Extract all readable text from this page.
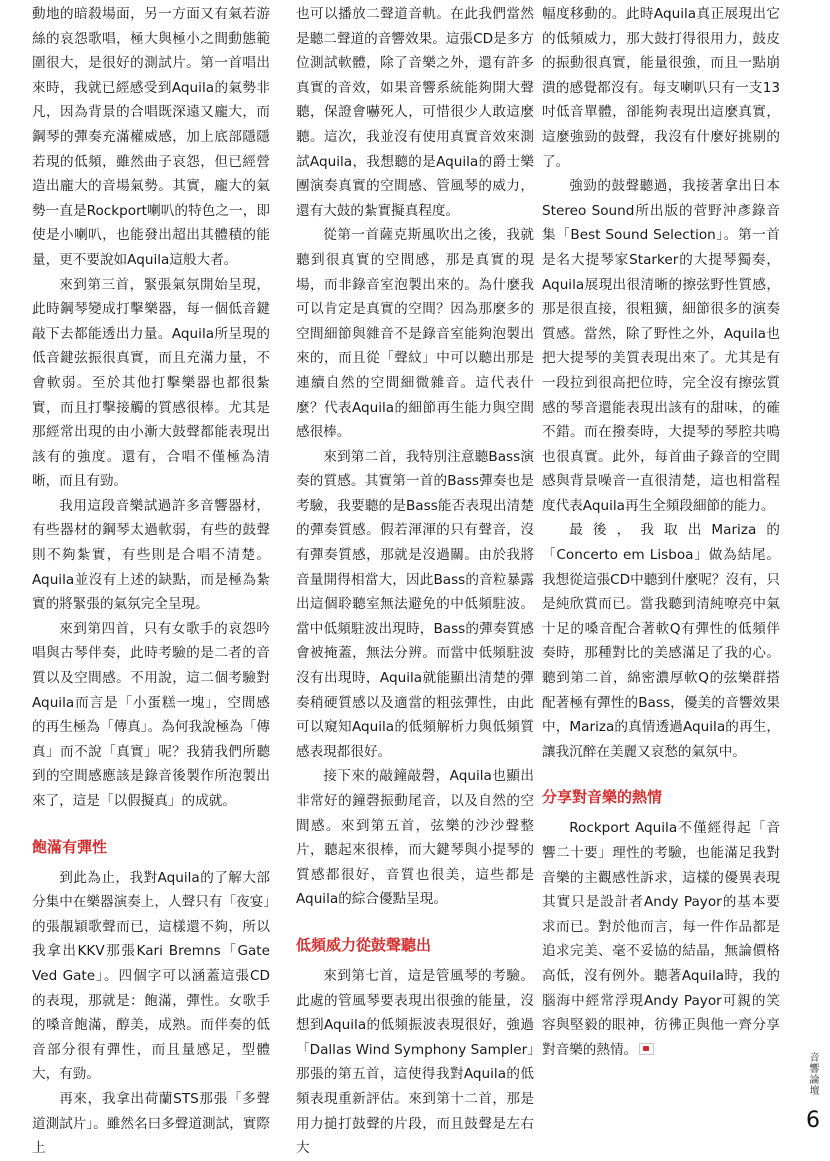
動地的暗殺場面，另一方面又有氣若游絲的哀怨歌唱，極大與極小之間動態範圍很大，是很好的測試片。第一首唱出來時，我就已經感受到Aquila的氣勢非凡，因為背景的合唱既深遠又龐大，而鋼琴的彈奏充滿權威感，加上底部隱隱若現的低頻，雖然曲子哀怨，但已經營造出龐大的音場氣勢。其實，龐大的氣勢一直是Rockport喇叭的特色之一，即使是小喇叭，也能發出超出其體積的能量，更不要說如Aquila這般大者。

來到第三首，緊張氣氛開始呈現，此時鋼琴變成打擊樂器，每一個低音鍵敲下去都能透出力量。Aquila所呈現的低音鍵弦振很真實，而且充滿力量，不會軟弱。至於其他打擊樂器也都很紮實，而且打擊接觸的質感很棒。尤其是那經常出現的由小漸大鼓聲都能表現出該有的強度。還有，合唱不僅極為清晰，而且有勁。

我用這段音樂試過許多音響器材，有些器材的鋼琴太過軟弱，有些的鼓聲則不夠紮實，有些則是合唱不清楚。Aquila並沒有上述的缺點，而是極為紮實的將緊張的氣氛完全呈現。

來到第四首，只有女歌手的哀怨吟唱與古琴伴奏，此時考驗的是二者的音質以及空間感。不用說，這二個考驗對Aquila而言是「小蛋糕一塊」，空間感的再生極為「傳真」。為何我說極為「傳真」而不說「真實」呢？我猜我們所聽到的空間感應該是錄音後製作所泡製出來了，這是「以假擬真」的成就。

飽滿有彈性

到此為止，我對Aquila的了解大部分集中在樂器演奏上，人聲只有「夜宴」的張靚穎歌聲而已，這樣還不夠，所以我拿出KKV那張Kari Bremns「Gate Ved Gate」。四個字可以涵蓋這張CD的表現，那就是：飽滿，彈性。女歌手的嗓音飽滿，醇美，成熟。而伴奏的低音部分很有彈性，而且量感足，型體大，有勁。

再來，我拿出荷蘭STS那張「多聲道測試片」。雖然名曰多聲道測試，實際上

也可以播放二聲道音軌。在此我們當然是聽二聲道的音響效果。這張CD是多方位測試軟體，除了音樂之外，還有許多真實的音效，如果音響系統能夠開大聲聽，保證會嚇死人，可惜很少人敢這麼聽。這次，我並沒有使用真實音效來測試Aquila，我想聽的是Aquila的爵士樂團演奏真實的空間感、管風琴的威力，還有大鼓的紮實擬真程度。

從第一首薩克斯風吹出之後，我就聽到很真實的空間感，那是真實的現場，而非錄音室泡製出來的。為什麼我可以肯定是真實的空間？因為那麼多的空間細節與雜音不是錄音室能夠泡製出來的，而且從「聲紋」中可以聽出那是連續自然的空間細微雜音。這代表什麼？代表Aquila的細節再生能力與空間感很棒。

來到第二首，我特別注意聽Bass演奏的質感。其實第一首的Bass彈奏也是考驗，我要聽的是Bass能否表現出清楚的彈奏質感。假若渾渾的只有聲音，沒有彈奏質感，那就是沒過關。由於我將音量開得相當大，因此Bass的音粒暴露出這個聆聽室無法避免的中低頻駐波。當中低頻駐波出現時，Bass的彈奏質感會被掩蓋，無法分辨。而當中低頻駐波沒有出現時，Aquila就能顯出清楚的彈奏稍硬質感以及適當的粗弦彈性，由此可以窺知Aquila的低頻解析力與低頻質感表現都很好。

接下來的敲鐘敲磬，Aquila也顯出非常好的鐘磬振動尾音，以及自然的空間感。來到第五首，弦樂的沙沙聲整片，聽起來很棒，而大鍵琴與小提琴的質感都很好，音質也很美，這些都是Aquila的綜合優點呈現。

低頻威力從鼓聲聽出

來到第七首，這是管風琴的考驗。此處的管風琴要表現出很強的能量，沒想到Aquila的低頻振波表現很好，強過「Dallas Wind Symphony Sampler」那張的第五首，這使得我對Aquila的低頻表現重新評估。來到第十二首，那是用力搥打鼓聲的片段，而且鼓聲是左右大

幅度移動的。此時Aquila真正展現出它的低頻威力，那大鼓打得很用力，鼓皮的振動很真實，能量很強，而且一點崩潰的感覺都沒有。每支喇叭只有一支13吋低音單體，卻能夠表現出這麼真實，這麼強勁的鼓聲，我沒有什麼好挑剔的了。

強勁的鼓聲聽過，我接著拿出日本Stereo Sound所出版的菅野沖彥錄音集「Best Sound Selection」。第一首是名大提琴家Starker的大提琴獨奏，Aquila展現出很清晰的擦弦野性質感，那是很直接，很粗獷，細節很多的演奏質感。當然，除了野性之外，Aquila也把大提琴的美質表現出來了。尤其是有一段拉到很高把位時，完全沒有擦弦質感的琴音還能表現出該有的甜味，的確不錯。而在撥奏時，大提琴的琴腔共鳴也很真實。此外，每首曲子錄音的空間感與背景噪音一直很清楚，這也相當程度代表Aquila再生全頻段細節的能力。

最後，我取出Mariza的「Concerto em Lisboa」做為結尾。我想從這張CD中聽到什麼呢？沒有，只是純欣賞而已。當我聽到清純嘹亮中氣十足的嗓音配合著軟Q有彈性的低頻伴奏時，那種對比的美感滿足了我的心。聽到第二首，綿密濃厚軟Q的弦樂群搭配著極有彈性的Bass，優美的音響效果中，Mariza的真情透過Aquila的再生，讓我沉醉在美麗又哀愁的氣氛中。

分享對音樂的熱情

Rockport Aquila不僅經得起「音響二十要」理性的考驗，也能滿足我對音樂的主觀感性訴求，這樣的優異表現其實只是設計者Andy Payor的基本要求而已。對於他而言，每一件作品都是追求完美、毫不妥協的結晶，無論價格高低，沒有例外。聽著Aquila時，我的腦海中經常浮現Andy Payor可親的笑容與堅毅的眼神，彷彿正與他一齊分享對音樂的熱情。

音響論壇
6
